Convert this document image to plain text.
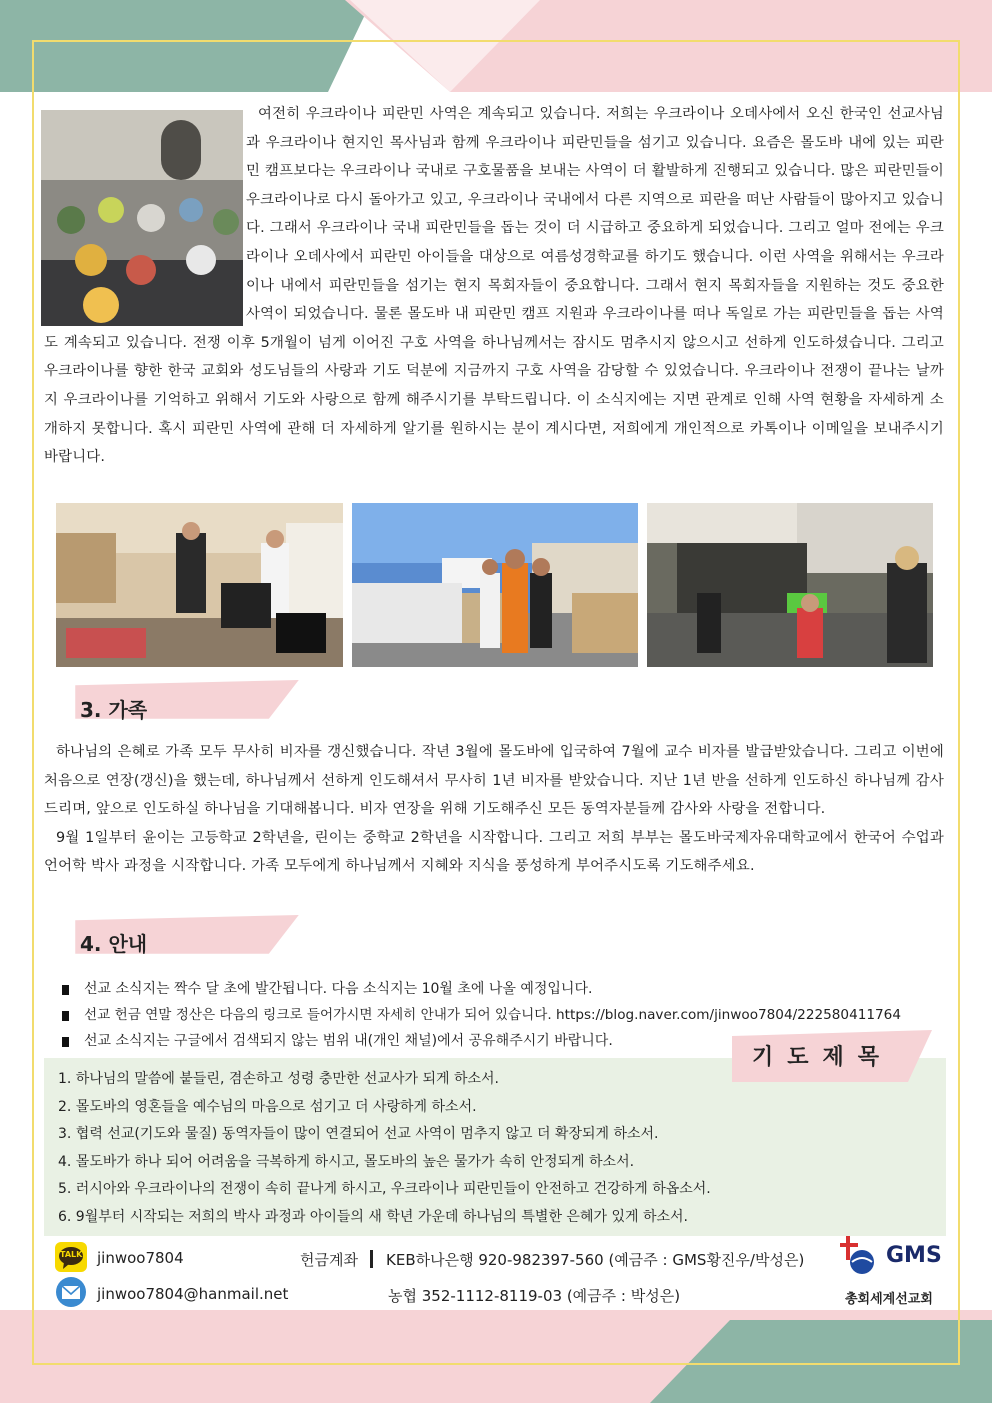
여전히 우크라이나 피란민 사역은 계속되고 있습니다. 저희는 우크라이나 오데사에서 오신 한국인 선교사님과 우크라이나 현지인 목사님과 함께 우크라이나 피란민들을 섬기고 있습니다. 요즘은 몰도바 내에 있는 피란민 캠프보다는 우크라이나 국내로 구호물품을 보내는 사역이 더 활발하게 진행되고 있습니다. 많은 피란민들이 우크라이나로 다시 돌아가고 있고, 우크라이나 국내에서 다른 지역으로 피란을 떠난 사람들이 많아지고 있습니다. 그래서 우크라이나 국내 피란민들을 돕는 것이 더 시급하고 중요하게 되었습니다. 그리고 얼마 전에는 우크라이나 오데사에서 피란민 아이들을 대상으로 여름성경학교를 하기도 했습니다. 이런 사역을 위해서는 우크라이나 내에서 피란민들을 섬기는 현지 목회자들이 중요합니다. 그래서 현지 목회자들을 지원하는 것도 중요한 사역이 되었습니다. 물론 몰도바 내 피란민 캠프 지원과 우크라이나를 떠나 독일로 가는 피란민들을 돕는 사역도 계속되고 있습니다. 전쟁 이후 5개월이 넘게 이어진 구호 사역을 하나님께서는 잠시도 멈추시지 않으시고 선하게 인도하셨습니다. 그리고 우크라이나를 향한 한국 교회와 성도님들의 사랑과 기도 덕분에 지금까지 구호 사역을 감당할 수 있었습니다. 우크라이나 전쟁이 끝나는 날까지 우크라이나를 기억하고 위해서 기도와 사랑으로 함께 해주시기를 부탁드립니다. 이 소식지에는 지면 관계로 인해 사역 현황을 자세하게 소개하지 못합니다. 혹시 피란민 사역에 관해 더 자세하게 알기를 원하시는 분이 계시다면, 저희에게 개인적으로 카톡이나 이메일을 보내주시기 바랍니다.

3. 가족

하나님의 은혜로 가족 모두 무사히 비자를 갱신했습니다. 작년 3월에 몰도바에 입국하여 7월에 교수 비자를 발급받았습니다. 그리고 이번에 처음으로 연장(갱신)을 했는데, 하나님께서 선하게 인도해셔서 무사히 1년 비자를 받았습니다. 지난 1년 반을 선하게 인도하신 하나님께 감사드리며, 앞으로 인도하실 하나님을 기대해봅니다. 비자 연장을 위해 기도해주신 모든 동역자분들께 감사와 사랑을 전합니다.

9월 1일부터 윤이는 고등학교 2학년을, 린이는 중학교 2학년을 시작합니다. 그리고 저희 부부는 몰도바국제자유대학교에서 한국어 수업과 언어학 박사 과정을 시작합니다. 가족 모두에게 하나님께서 지혜와 지식을 풍성하게 부어주시도록 기도해주세요.

4. 안내
선교 소식지는 짝수 달 초에 발간됩니다. 다음 소식지는 10월 초에 나올 예정입니다.
선교 헌금 연말 정산은 다음의 링크로 들어가시면 자세히 안내가 되어 있습니다. https://blog.naver.com/jinwoo7804/222580411764
선교 소식지는 구글에서 검색되지 않는 범위 내(개인 채널)에서 공유해주시기 바랍니다.
기도제목
1. 하나님의 말씀에 붙들린, 겸손하고 성령 충만한 선교사가 되게 하소서.
2. 몰도바의 영혼들을 예수님의 마음으로 섬기고 더 사랑하게 하소서.
3. 협력 선교(기도와 물질) 동역자들이 많이 연결되어 선교 사역이 멈추지 않고 더 확장되게 하소서.
4. 몰도바가 하나 되어 어려움을 극복하게 하시고, 몰도바의 높은 물가가 속히 안정되게 하소서.
5. 러시아와 우크라이나의 전쟁이 속히 끝나게 하시고, 우크라이나 피란민들이 안전하고 건강하게 하옵소서.
6. 9월부터 시작되는 저희의 박사 과정과 아이들의 새 학년 가운데 하나님의 특별한 은혜가 있게 하소서.
TALK jinwoo7804
jinwoo7804@hanmail.net
헌금계좌 KEB하나은행 920-982397-560 (예금주 : GMS황진우/박성은)
농협 352-1112-8119-03 (예금주 : 박성은)
GMS
총회세계선교회
